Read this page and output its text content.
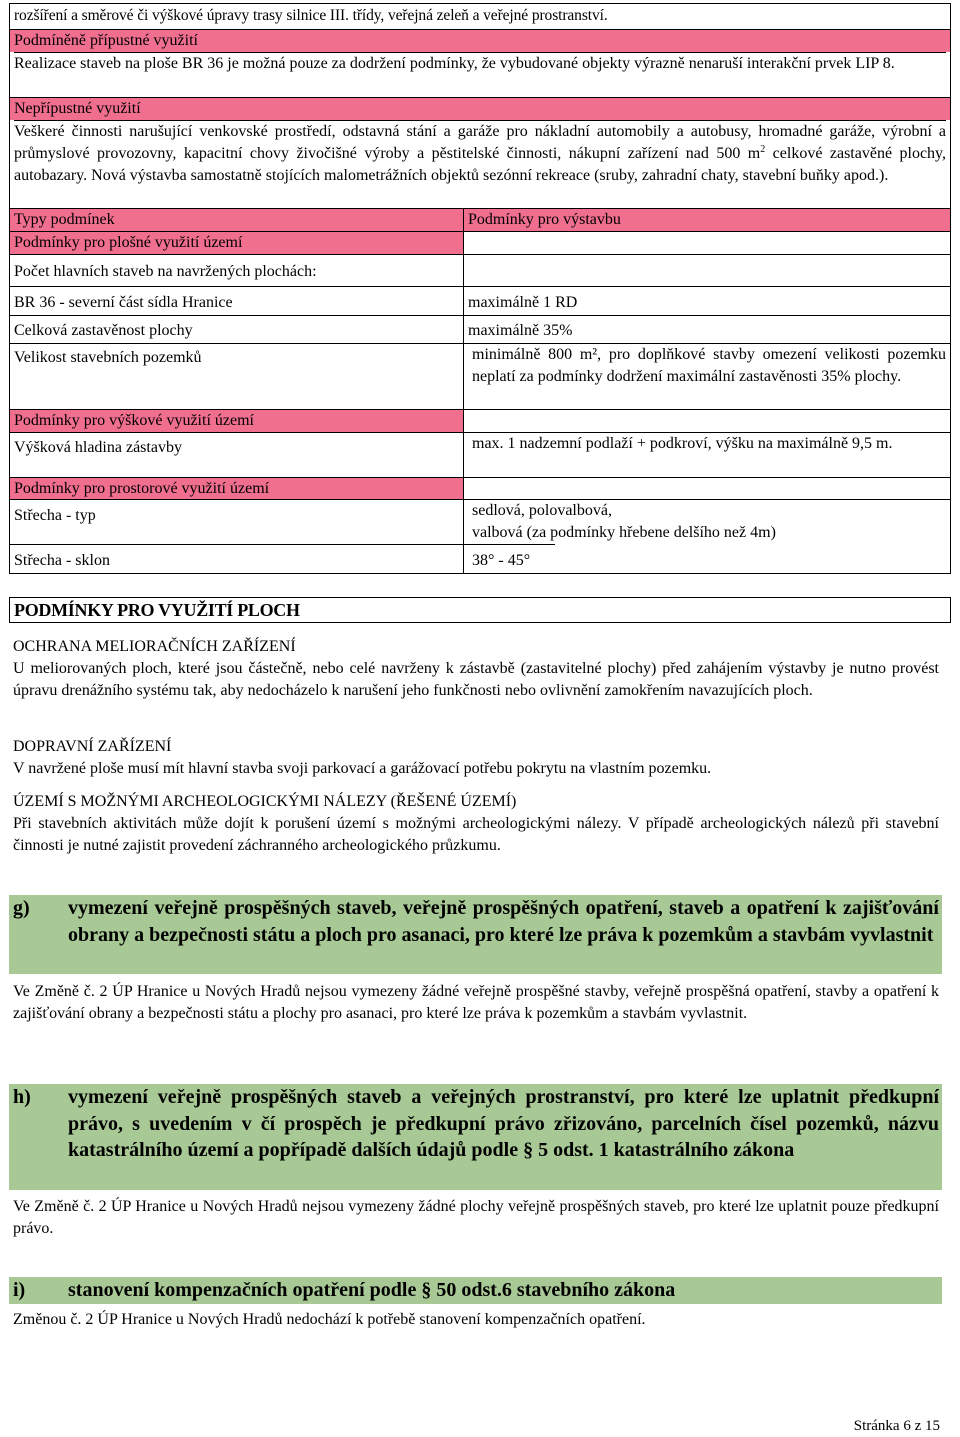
rozšíření a směrové či výškové úpravy trasy silnice III. třídy, veřejná zeleň a veřejné prostranství.
Podmíněně přípustné využití
Realizace staveb na ploše BR 36 je možná pouze za dodržení podmínky, že vybudované objekty výrazně nenaruší interakční prvek LIP 8.
Nepřípustné využití
Veškeré činnosti narušující venkovské prostředí, odstavná stání a garáže pro nákladní automobily a autobusy, hromadné garáže, výrobní a průmyslové provozovny, kapacitní chovy živočišné výroby a pěstitelské činnosti, nákupní zařízení nad 500 $m^2$ celkové zastavěné plochy, autobazary. Nová výstavba samostatně stojících malometrážních objektů sezónní rekreace (sruby, zahradní chaty, stavební buňky apod.).
Typy podmínek	Podmínky pro výstavbu
Podmínky pro plošné využití území
Počet hlavních staveb na navržených plochách:
BR 36 - severní část sídla Hranice	maximálně 1 RD
Celková zastavěnost plochy	maximálně 35%
Velikost stavebních pozemků	minimálně 800 m², pro doplňkové stavby omezení velikosti pozemku neplatí za podmínky dodržení maximální zastavěnosti 35% plochy.
Podmínky pro výškové využití území
Výšková hladina zástavby	max. 1 nadzemní podlaží + podkroví, výšku na maximálně 9,5 m.
Podmínky pro prostorové využití území
Střecha - typ	sedlová, polovalbová,
valbová (za podmínky hřebene delšího než 4m)
Střecha - sklon	38° - 45°
PODMÍNKY PRO VYUŽITÍ PLOCH
OCHRANA MELIORAČNÍCH ZAŘÍZENÍ
U meliorovaných ploch, které jsou částečně, nebo celé navrženy k zástavbě (zastavitelné plochy) před zahájením výstavby je nutno provést úpravu drenážního systému tak, aby nedocházelo k narušení jeho funkčnosti nebo ovlivnění zamokřením navazujících ploch.
DOPRAVNÍ ZAŘÍZENÍ
V navržené ploše musí mít hlavní stavba svoji parkovací a garážovací potřebu pokrytu na vlastním pozemku.
ÚZEMÍ S MOŽNÝMI ARCHEOLOGICKÝMI NÁLEZY (ŘEŠENÉ ÚZEMÍ)
Při stavebních aktivitách může dojít k porušení území s možnými archeologickými nálezy. V případě archeologických nálezů při stavební činnosti je nutné zajistit provedení záchranného archeologického průzkumu.
g) vymezení veřejně prospěšných staveb, veřejně prospěšných opatření, staveb a opatření k zajišťování obrany a bezpečnosti státu a ploch pro asanaci, pro které lze práva k pozemkům a stavbám vyvlastnit
Ve Změně č. 2 ÚP Hranice u Nových Hradů nejsou vymezeny žádné veřejně prospěšné stavby, veřejně prospěšná opatření, stavby a opatření k zajišťování obrany a bezpečnosti státu a plochy pro asanaci, pro které lze práva k pozemkům a stavbám vyvlastnit.
h) vymezení veřejně prospěšných staveb a veřejných prostranství, pro které lze uplatnit předkupní právo, s uvedením v čí prospěch je předkupní právo zřizováno, parcelních čísel pozemků, názvu katastrálního území a popřípadě dalších údajů podle § 5 odst. 1 katastrálního zákona
Ve Změně č. 2 ÚP Hranice u Nových Hradů nejsou vymezeny žádné plochy veřejně prospěšných staveb, pro které lze uplatnit pouze předkupní právo.
i) stanovení kompenzačních opatření podle § 50 odst.6 stavebního zákona
Změnou č. 2 ÚP Hranice u Nových Hradů nedochází k potřebě stanovení kompenzačních opatření.
Stránka 6 z 15
